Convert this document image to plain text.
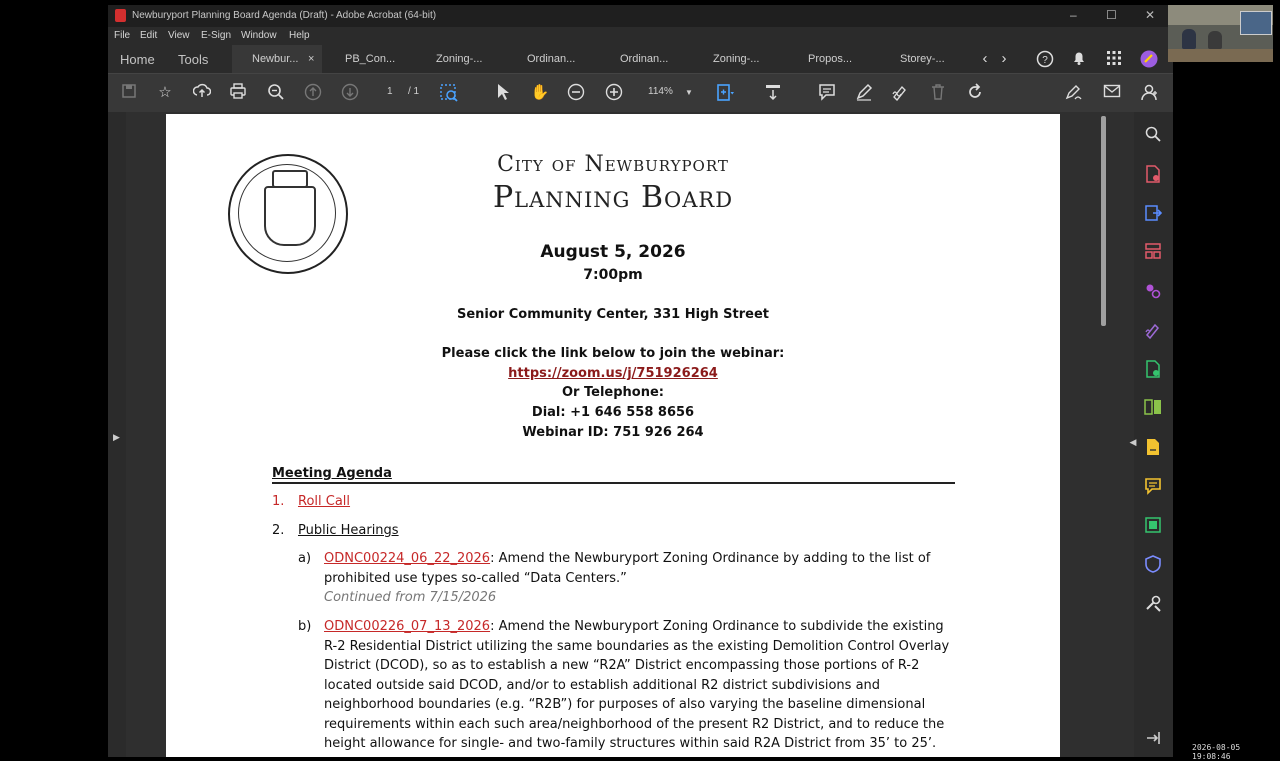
Newburyport Planning Board Agenda (Draft) - Adobe Acrobat (64-bit)	– ☐ ✕
File Edit View E-Sign Window Help
Home Tools	Newbur... ×	PB_Con...	Zoning-...	Ordinan...	Ordinan...	Zoning-...	Propos...	Storey-...	‹ ›	?
☆	1 / 1	✋	114% ▼
▶
City of Newburyport
Planning Board
August 5, 2026
7:00pm
Senior Community Center, 331 High Street
Please click the link below to join the webinar:
https://zoom.us/j/751926264
Or Telephone:
Dial: +1 646 558 8656
Webinar ID: 751 926 264
Meeting Agenda
1. Roll Call
2. Public Hearings
a) ODNC00224_06_22_2026: Amend the Newburyport Zoning Ordinance by adding to the list of prohibited use types so-called “Data Centers.”
Continued from 7/15/2026
b) ODNC00226_07_13_2026: Amend the Newburyport Zoning Ordinance to subdivide the existing R-2 Residential District utilizing the same boundaries as the existing Demolition Control Overlay District (DCOD), so as to establish a new “R2A” District encompassing those portions of R-2 located outside said DCOD, and/or to establish additional R2 district subdivisions and neighborhood boundaries (e.g. “R2B”) for purposes of also varying the baseline dimensional requirements within each such area/neighborhood of the present R2 District, and to reduce the height allowance for single- and two-family structures within said R2A District from 35’ to 25’.
◀
2026-08-05 19:08:46
